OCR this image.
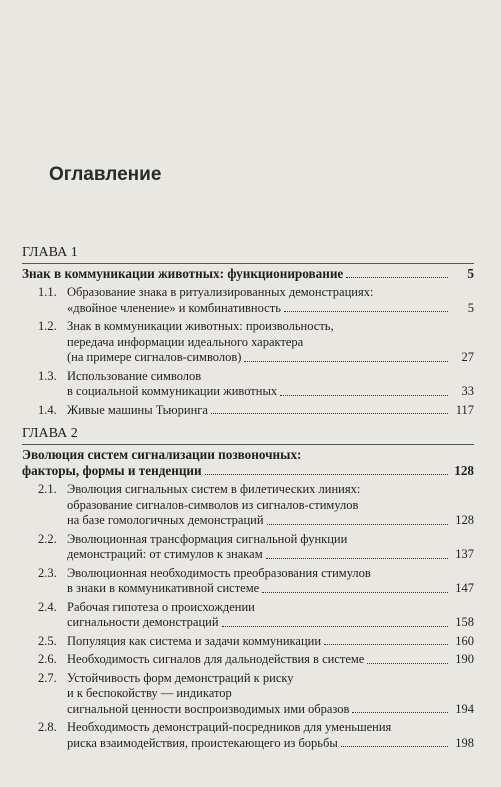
Оглавление
ГЛАВА 1
Знак в коммуникации животных: функционирование	5
1.1. Образование знака в ритуализированных демонстрациях:
«двойное членение» и комбинативность	5
1.2. Знак в коммуникации животных: произвольность,
передача информации идеального характера
(на примере сигналов-символов)	27
1.3. Использование символов
в социальной коммуникации животных	33
1.4. Живые машины Тьюринга	117
ГЛАВА 2
Эволюция систем сигнализации позвоночных:
факторы, формы и тенденции	128
2.1. Эволюция сигнальных систем в филетических линиях:
образование сигналов-символов из сигналов-стимулов
на базе гомологичных демонстраций	128
2.2. Эволюционная трансформация сигнальной функции
демонстраций: от стимулов к знакам	137
2.3. Эволюционная необходимость преобразования стимулов
в знаки в коммуникативной системе	147
2.4. Рабочая гипотеза о происхождении
сигнальности демонстраций	158
2.5. Популяция как система и задачи коммуникации	160
2.6. Необходимость сигналов для дальнодействия в системе	190
2.7. Устойчивость форм демонстраций к риску
и к беспокойству — индикатор
сигнальной ценности воспроизводимых ими образов	194
2.8. Необходимость демонстраций-посредников для уменьшения
риска взаимодействия, проистекающего из борьбы	198
